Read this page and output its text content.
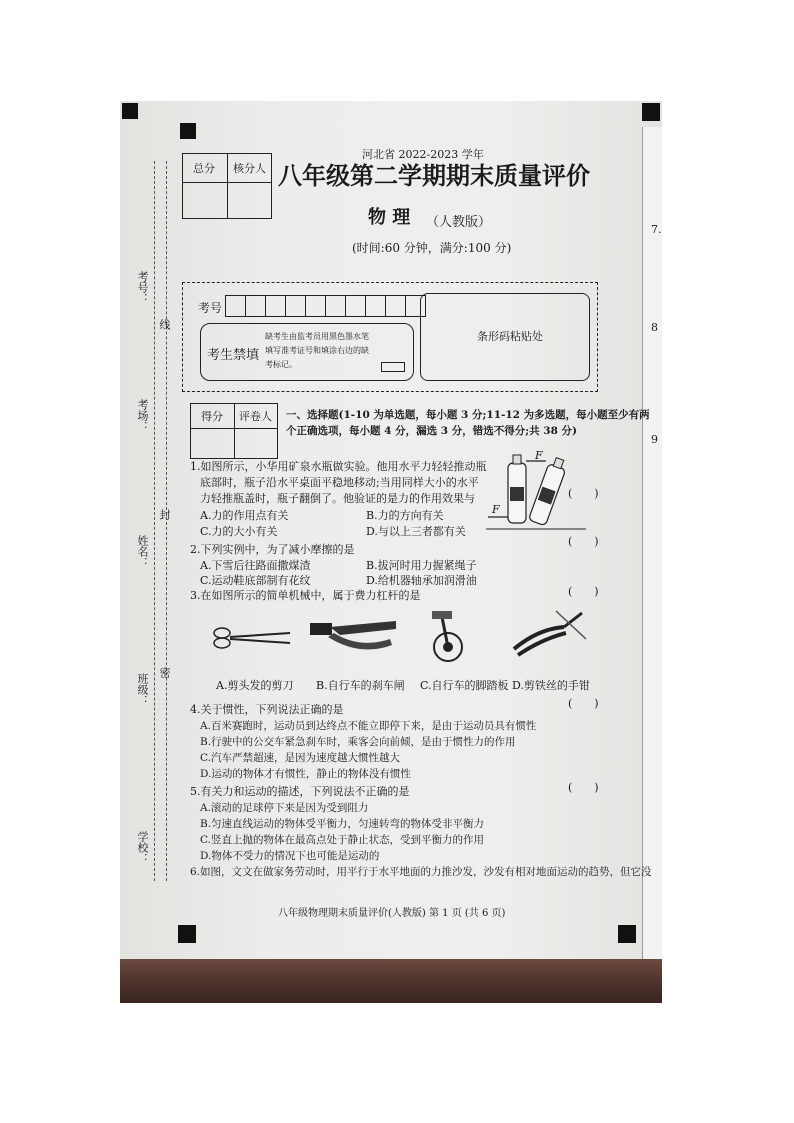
7.
8
9
考号：
线
考场：
封
姓名：
班级：
密
学校：
总分 核分人
河北省 2022-2023 学年
八年级第二学期期末质量评价
物 理 （人教版）
(时间:60 分钟，满分:100 分)
考号
考生禁填
缺考生由监考员用黑色墨水笔
填写准考证号和填涂右边的缺
考标记。
条形码粘贴处
得分 评卷人 一、选择题(1-10 为单选题，每小题 3 分;11-12 为多选题，每小题至少有两
个正确选项，每小题 4 分，漏选 3 分，错选不得分;共 38 分)
1.如图所示，小华用矿泉水瓶做实验。他用水平力轻轻推动瓶
底部时，瓶子沿水平桌面平稳地移动;当用同样大小的水平
力轻推瓶盖时，瓶子翻倒了。他验证的是力的作用效果与
A.力的作用点有关	B.力的方向有关
C.力的大小有关	D.与以上三者都有关
F
F
(　　)
(　　)
2.下列实例中，为了减小摩擦的是
A.下雪后往路面撒煤渣	B.拔河时用力握紧绳子
C.运动鞋底部制有花纹	D.给机器轴承加润滑油
3.在如图所示的简单机械中，属于费力杠杆的是	(　　)
A.剪头发的剪刀 B.自行车的刹车闸 C.自行车的脚踏板 D.剪铁丝的手钳
(　　)
4.关于惯性，下列说法正确的是
A.百米赛跑时，运动员到达终点不能立即停下来，是由于运动员具有惯性
B.行驶中的公交车紧急刹车时，乘客会向前倾，是由于惯性力的作用
C.汽车严禁超速，是因为速度越大惯性越大
D.运动的物体才有惯性，静止的物体没有惯性
(　　)
5.有关力和运动的描述，下列说法不正确的是
A.滚动的足球停下来是因为受到阻力
B.匀速直线运动的物体受平衡力，匀速转弯的物体受非平衡力
C.竖直上抛的物体在最高点处于静止状态，受到平衡力的作用
D.物体不受力的情况下也可能是运动的
6.如图，文文在做家务劳动时，用平行于水平地面的力推沙发，沙发有相对地面运动的趋势，但它没
八年级物理期末质量评价(人教版) 第 1 页 (共 6 页)
